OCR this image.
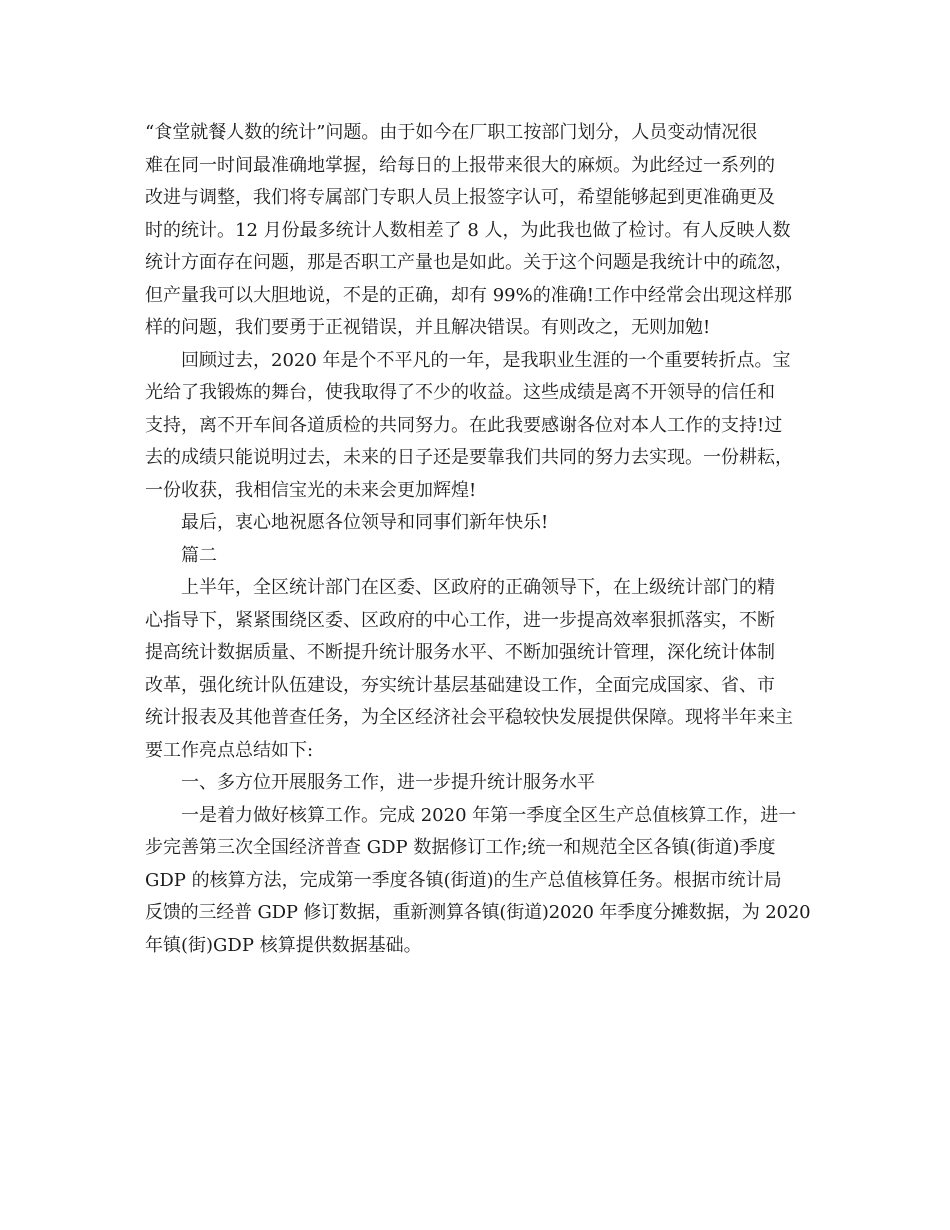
“食堂就餐人数的统计”问题。由于如今在厂职工按部门划分，人员变动情况很
难在同一时间最准确地掌握，给每日的上报带来很大的麻烦。为此经过一系列的
改进与调整，我们将专属部门专职人员上报签字认可，希望能够起到更准确更及
时的统计。12 月份最多统计人数相差了 8 人，为此我也做了检讨。有人反映人数
统计方面存在问题，那是否职工产量也是如此。关于这个问题是我统计中的疏忽，
但产量我可以大胆地说，不是的正确，却有 99%的准确!工作中经常会出现这样那
样的问题，我们要勇于正视错误，并且解决错误。有则改之，无则加勉!
回顾过去，2020 年是个不平凡的一年，是我职业生涯的一个重要转折点。宝
光给了我锻炼的舞台，使我取得了不少的收益。这些成绩是离不开领导的信任和
支持，离不开车间各道质检的共同努力。在此我要感谢各位对本人工作的支持!过
去的成绩只能说明过去，未来的日子还是要靠我们共同的努力去实现。一份耕耘，
一份收获，我相信宝光的未来会更加辉煌!
最后，衷心地祝愿各位领导和同事们新年快乐!
篇二
上半年，全区统计部门在区委、区政府的正确领导下，在上级统计部门的精
心指导下，紧紧围绕区委、区政府的中心工作，进一步提高效率狠抓落实，不断
提高统计数据质量、不断提升统计服务水平、不断加强统计管理，深化统计体制
改革，强化统计队伍建设，夯实统计基层基础建设工作，全面完成国家、省、市
统计报表及其他普查任务，为全区经济社会平稳较快发展提供保障。现将半年来主
要工作亮点总结如下:
一、多方位开展服务工作，进一步提升统计服务水平
一是着力做好核算工作。完成 2020 年第一季度全区生产总值核算工作，进一
步完善第三次全国经济普查 GDP 数据修订工作;统一和规范全区各镇(街道)季度
GDP 的核算方法，完成第一季度各镇(街道)的生产总值核算任务。根据市统计局
反馈的三经普 GDP 修订数据，重新测算各镇(街道)2020 年季度分摊数据，为 2020
年镇(街)GDP 核算提供数据基础。
